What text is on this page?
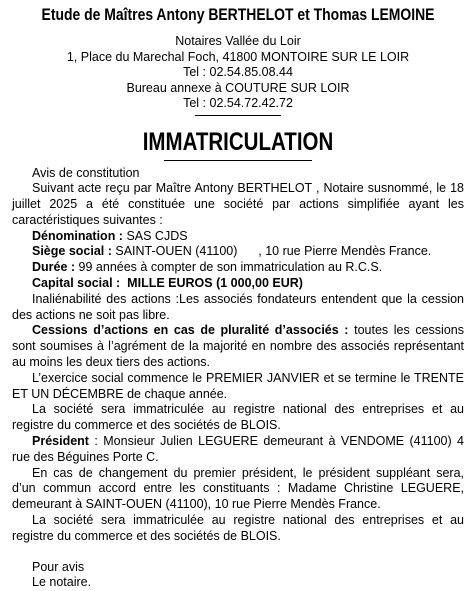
Etude de Maîtres Antony BERTHELOT et Thomas LEMOINE
Notaires Vallée du Loir
1, Place du Marechal Foch, 41800 MONTOIRE SUR LE LOIR
Tel : 02.54.85.08.44
Bureau annexe à COUTURE SUR LOIR
Tel : 02.54.72.42.72
IMMATRICULATION

Avis de constitution

Suivant acte reçu par Maître Antony BERTHELOT , Notaire susnommé, le 18 juillet 2025 a été constituée une société par actions simplifiée ayant les caractéristiques suivantes :

Dénomination : SAS CJDS

Siège social : SAINT-OUEN (41100)      , 10 rue Pierre Mendès France.

Durée : 99 années à compter de son immatriculation au R.C.S.

Capital social :  MILLE EUROS (1 000,00 EUR)

Inaliénabilité des actions :Les associés fondateurs entendent que la cession des actions ne soit pas libre.

Cessions d’actions en cas de pluralité d’associés : toutes les cessions sont soumises à l’agrément de la majorité en nombre des associés représentant au moins les deux tiers des actions.

L’exercice social commence le PREMIER JANVIER et se termine le TRENTE ET UN DÉCEMBRE de chaque année.

La société sera immatriculée au registre national des entreprises et au registre du commerce et des sociétés de BLOIS.

Président : Monsieur Julien LEGUERE demeurant à VENDOME (41100) 4 rue des Béguines Porte C.

En cas de changement du premier président, le président suppléant sera, d’un commun accord entre les constituants : Madame Christine LEGUERE, demeurant à SAINT-OUEN (41100), 10 rue Pierre Mendès France.

La société sera immatriculée au registre national des entreprises et au registre du commerce et des sociétés de BLOIS.

Pour avis

Le notaire.
